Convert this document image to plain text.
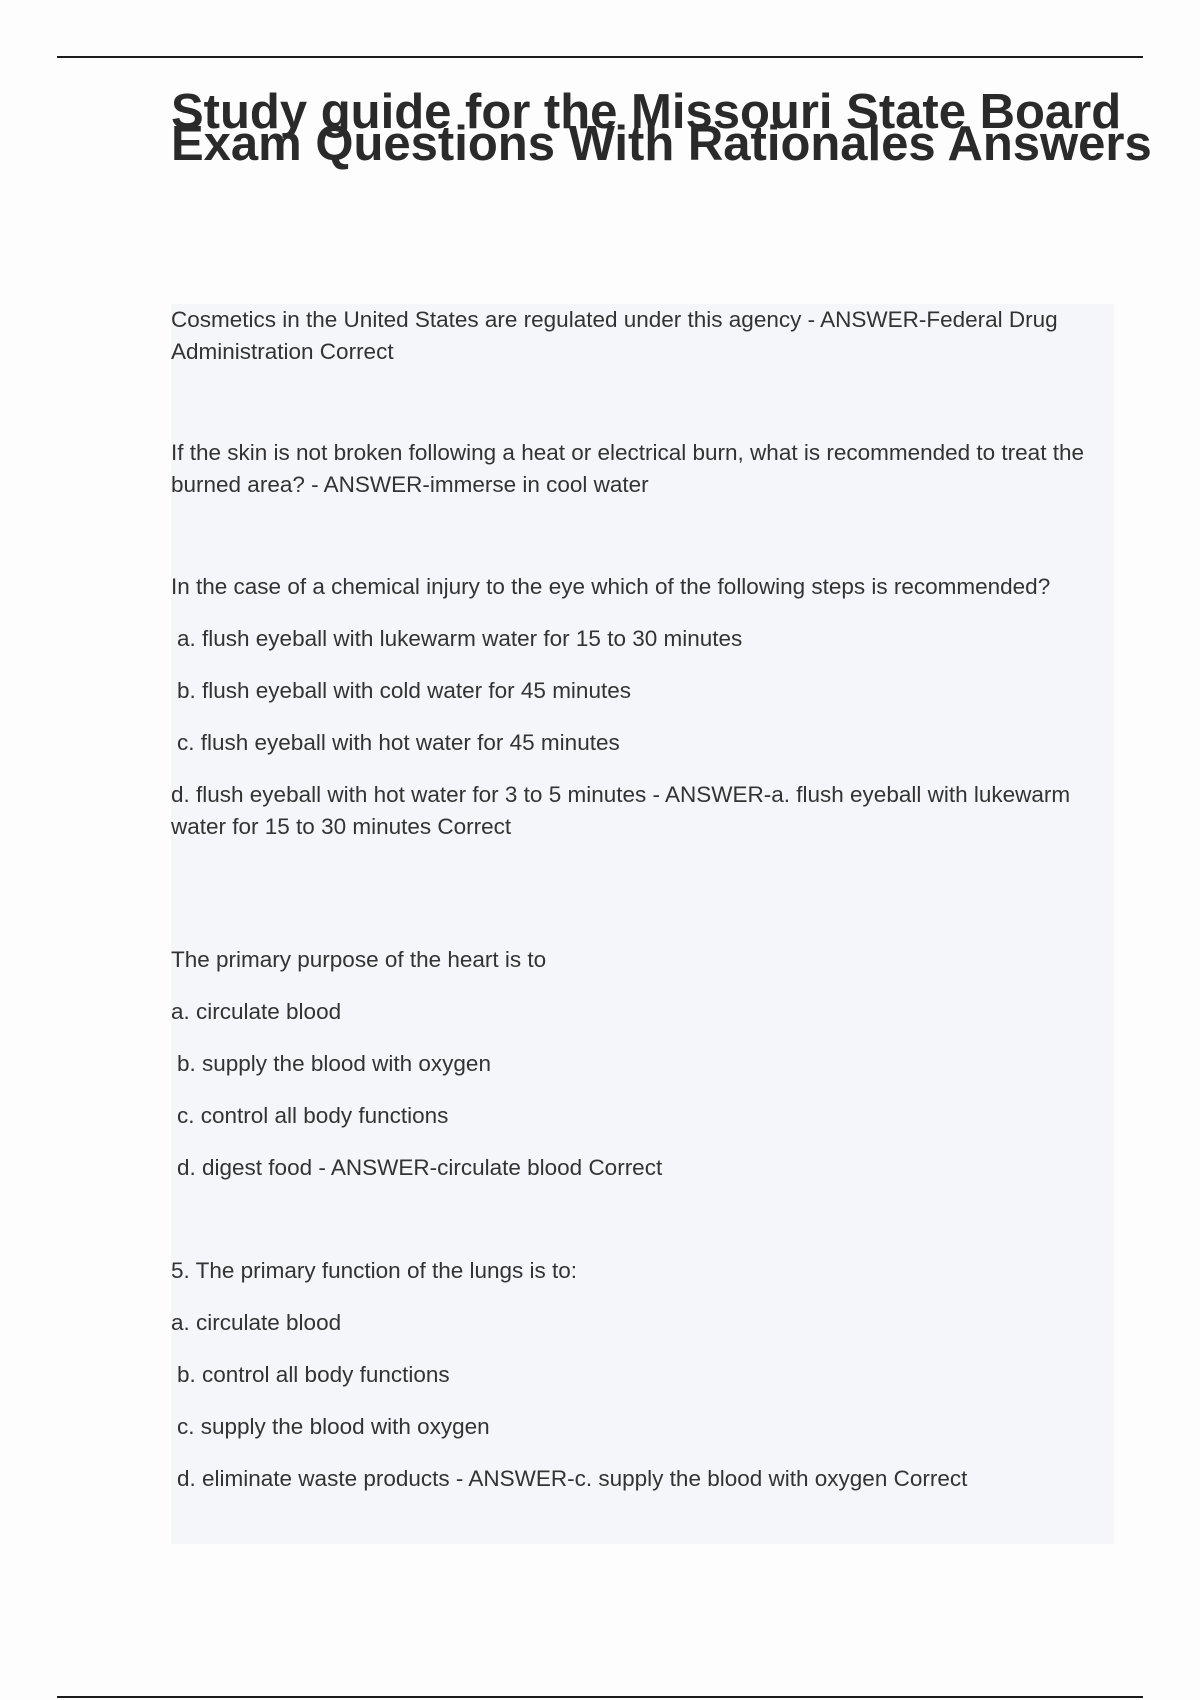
Study guide for the Missouri State Board Exam Questions With Rationales Answers

Cosmetics in the United States are regulated under this agency - ANSWER-Federal Drug Administration Correct

If the skin is not broken following a heat or electrical burn, what is recommended to treat the burned area? - ANSWER-immerse in cool water

In the case of a chemical injury to the eye which of the following steps is recommended?

a. flush eyeball with lukewarm water for 15 to 30 minutes

b. flush eyeball with cold water for 45 minutes

c. flush eyeball with hot water for 45 minutes

d. flush eyeball with hot water for 3 to 5 minutes - ANSWER-a. flush eyeball with lukewarm water for 15 to 30 minutes Correct

The primary purpose of the heart is to

a. circulate blood

b. supply the blood with oxygen

c. control all body functions

d. digest food - ANSWER-circulate blood Correct

5. The primary function of the lungs is to:

a. circulate blood

b. control all body functions

c. supply the blood with oxygen

d. eliminate waste products - ANSWER-c. supply the blood with oxygen Correct
